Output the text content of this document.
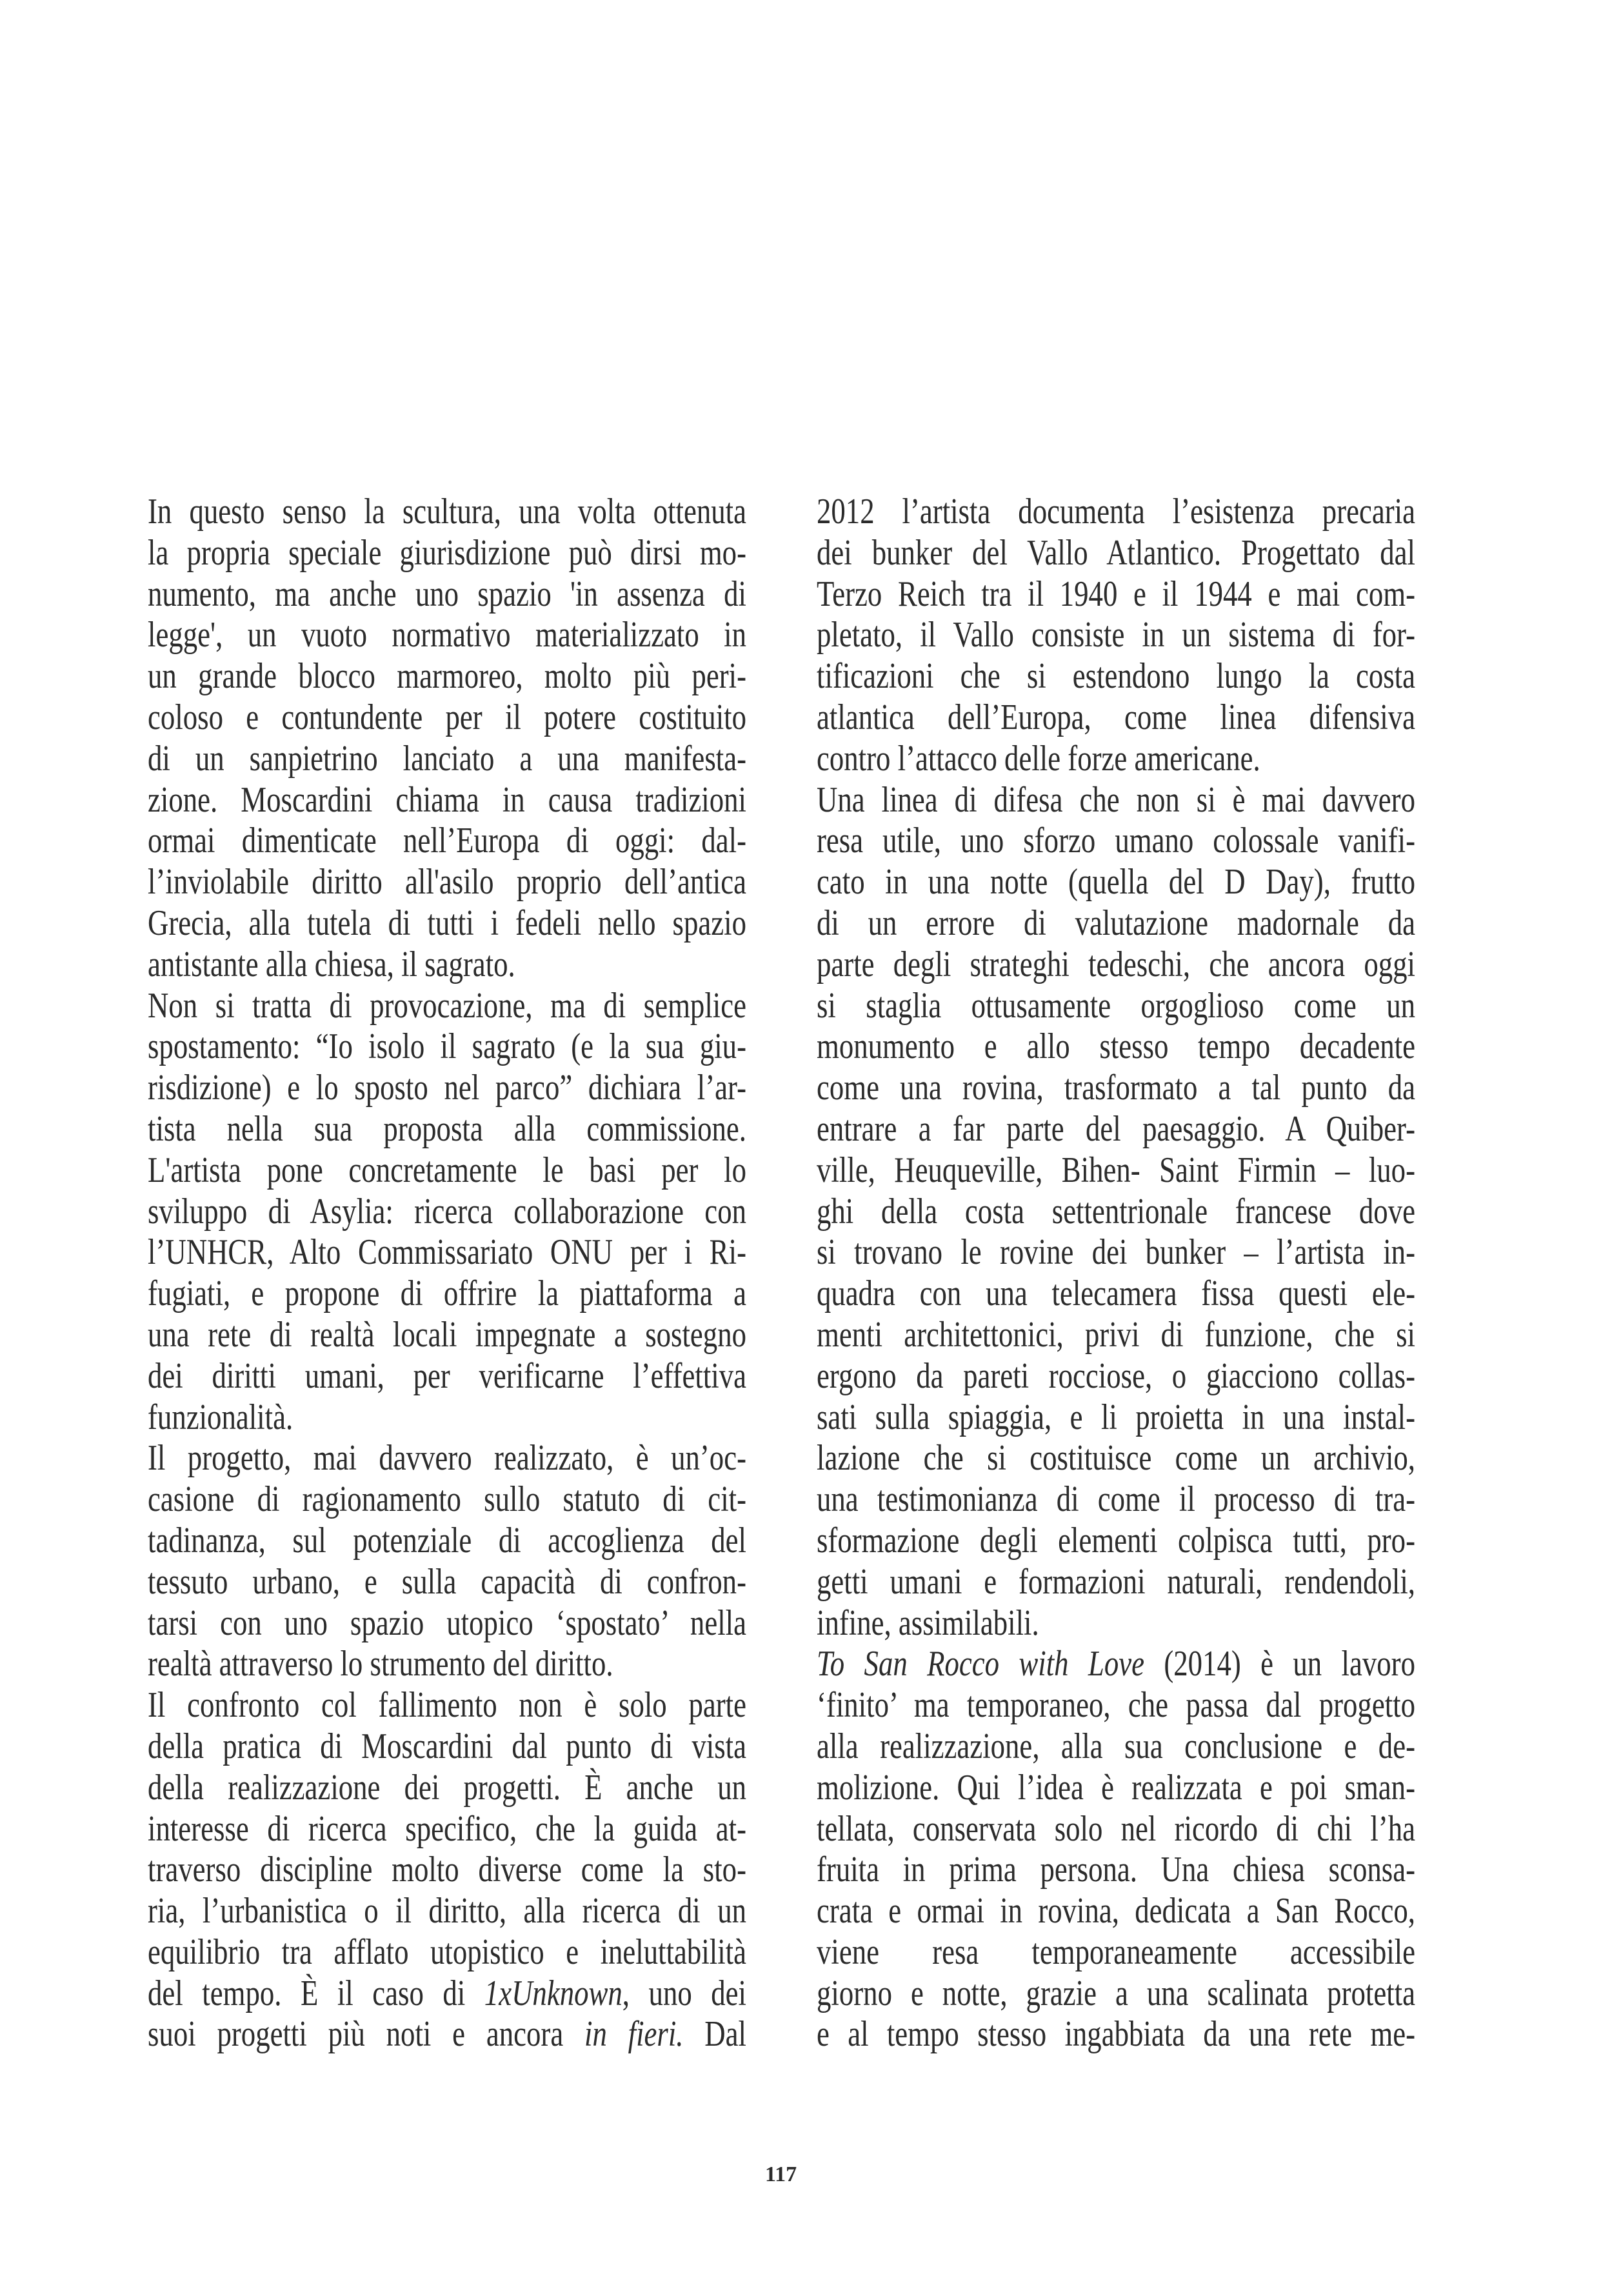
In questo senso la scultura, una volta ottenuta
la propria speciale giurisdizione può dirsi mo-
numento, ma anche uno spazio 'in assenza di
legge', un vuoto normativo materializzato in
un grande blocco marmoreo, molto più peri-
coloso e contundente per il potere costituito
di un sanpietrino lanciato a una manifesta-
zione. Moscardini chiama in causa tradizioni
ormai dimenticate nell’Europa di oggi: dal-
l’inviolabile diritto all'asilo proprio dell’antica
Grecia, alla tutela di tutti i fedeli nello spazio
antistante alla chiesa, il sagrato.
Non si tratta di provocazione, ma di semplice
spostamento: “Io isolo il sagrato (e la sua giu-
risdizione) e lo sposto nel parco” dichiara l’ar-
tista nella sua proposta alla commissione.
L'artista pone concretamente le basi per lo
sviluppo di Asylia: ricerca collaborazione con
l’UNHCR, Alto Commissariato ONU per i Ri-
fugiati, e propone di offrire la piattaforma a
una rete di realtà locali impegnate a sostegno
dei diritti umani, per verificarne l’effettiva
funzionalità.
Il progetto, mai davvero realizzato, è un’oc-
casione di ragionamento sullo statuto di cit-
tadinanza, sul potenziale di accoglienza del
tessuto urbano, e sulla capacità di confron-
tarsi con uno spazio utopico ‘spostato’ nella
realtà attraverso lo strumento del diritto.
Il confronto col fallimento non è solo parte
della pratica di Moscardini dal punto di vista
della realizzazione dei progetti. È anche un
interesse di ricerca specifico, che la guida at-
traverso discipline molto diverse come la sto-
ria, l’urbanistica o il diritto, alla ricerca di un
equilibrio tra afflato utopistico e ineluttabilità
del tempo. È il caso di 1xUnknown, uno dei
suoi progetti più noti e ancora in fieri. Dal
2012 l’artista documenta l’esistenza precaria
dei bunker del Vallo Atlantico. Progettato dal
Terzo Reich tra il 1940 e il 1944 e mai com-
pletato, il Vallo consiste in un sistema di for-
tificazioni che si estendono lungo la costa
atlantica dell’Europa, come linea difensiva
contro l’attacco delle forze americane.
Una linea di difesa che non si è mai davvero
resa utile, uno sforzo umano colossale vanifi-
cato in una notte (quella del D Day), frutto
di un errore di valutazione madornale da
parte degli strateghi tedeschi, che ancora oggi
si staglia ottusamente orgoglioso come un
monumento e allo stesso tempo decadente
come una rovina, trasformato a tal punto da
entrare a far parte del paesaggio. A Quiber-
ville, Heuqueville, Bihen- Saint Firmin – luo-
ghi della costa settentrionale francese dove
si trovano le rovine dei bunker – l’artista in-
quadra con una telecamera fissa questi ele-
menti architettonici, privi di funzione, che si
ergono da pareti rocciose, o giacciono collas-
sati sulla spiaggia, e li proietta in una instal-
lazione che si costituisce come un archivio,
una testimonianza di come il processo di tra-
sformazione degli elementi colpisca tutti, pro-
getti umani e formazioni naturali, rendendoli,
infine, assimilabili.
To San Rocco with Love (2014) è un lavoro
‘finito’ ma temporaneo, che passa dal progetto
alla realizzazione, alla sua conclusione e de-
molizione. Qui l’idea è realizzata e poi sman-
tellata, conservata solo nel ricordo di chi l’ha
fruita in prima persona. Una chiesa sconsa-
crata e ormai in rovina, dedicata a San Rocco,
viene resa temporaneamente accessibile
giorno e notte, grazie a una scalinata protetta
e al tempo stesso ingabbiata da una rete me-
117
